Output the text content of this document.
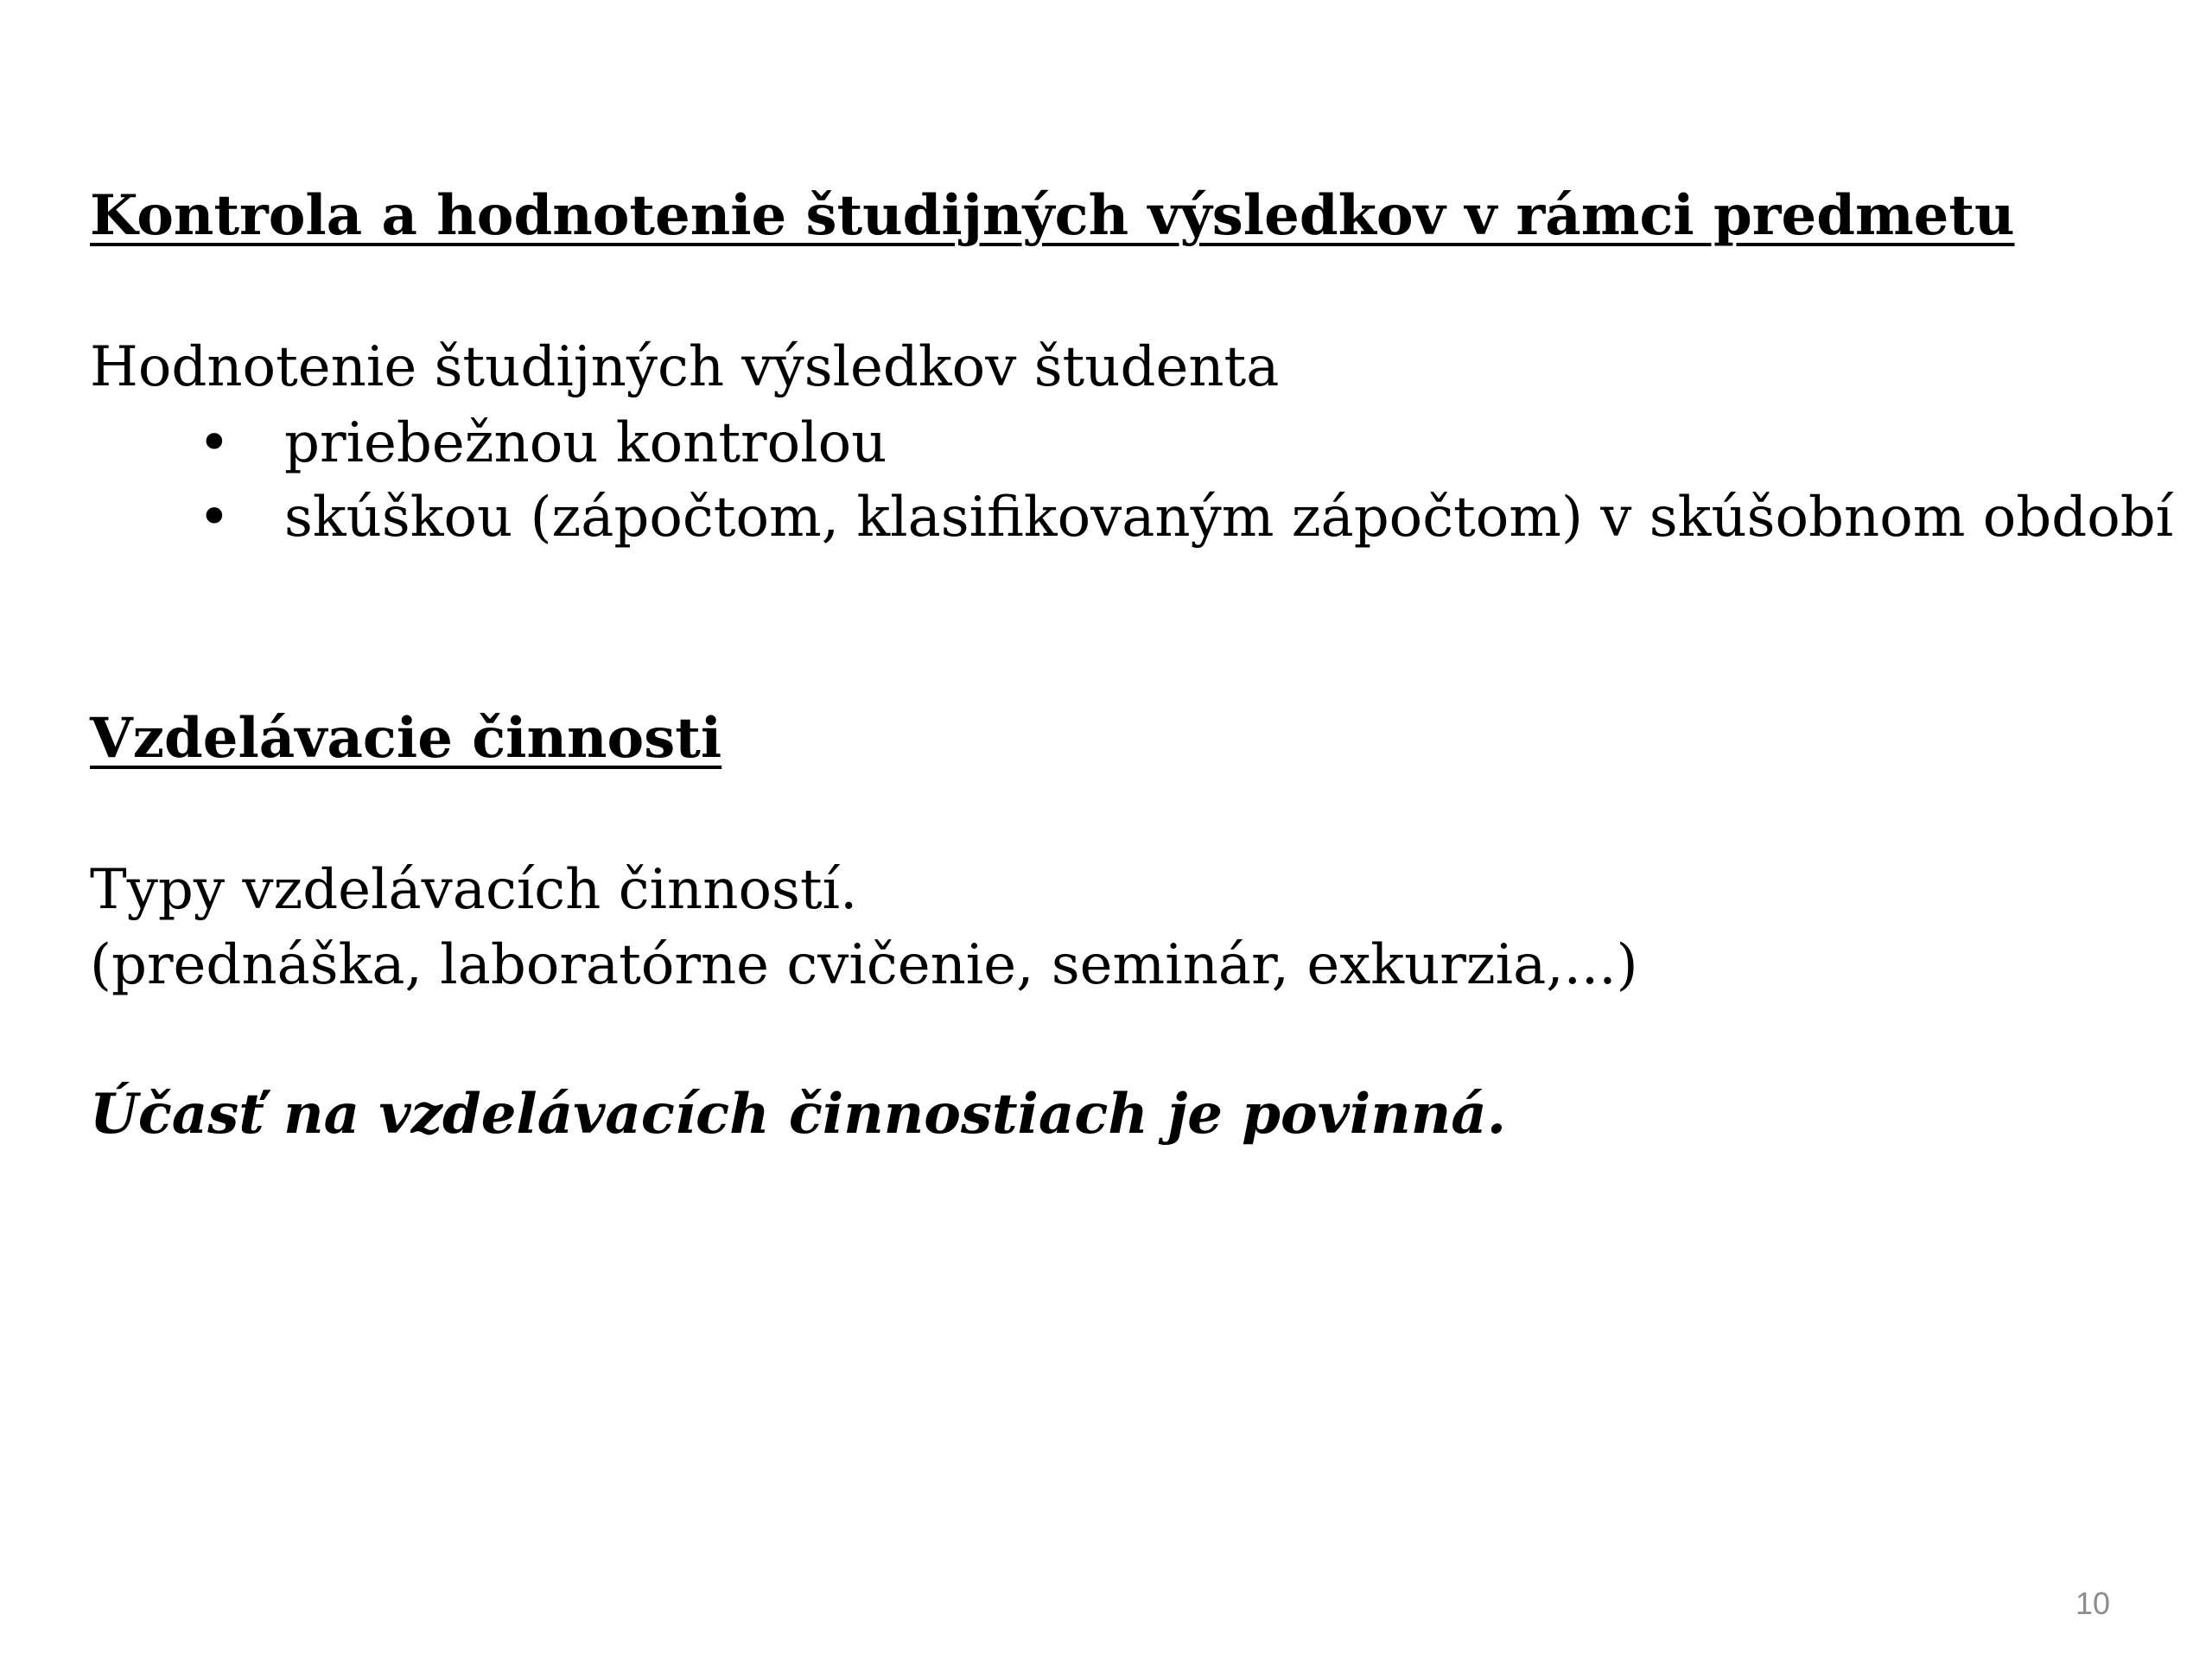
Kontrola a hodnotenie študijných výsledkov v rámci predmetu
Hodnotenie študijných výsledkov študenta
• priebežnou kontrolou
• skúškou (zápočtom, klasifikovaným zápočtom) v skúšobnom období
Vzdelávacie činnosti
Typy vzdelávacích činností.
(prednáška, laboratórne cvičenie, seminár, exkurzia,...)
Účasť na vzdelávacích činnostiach je povinná.
10
